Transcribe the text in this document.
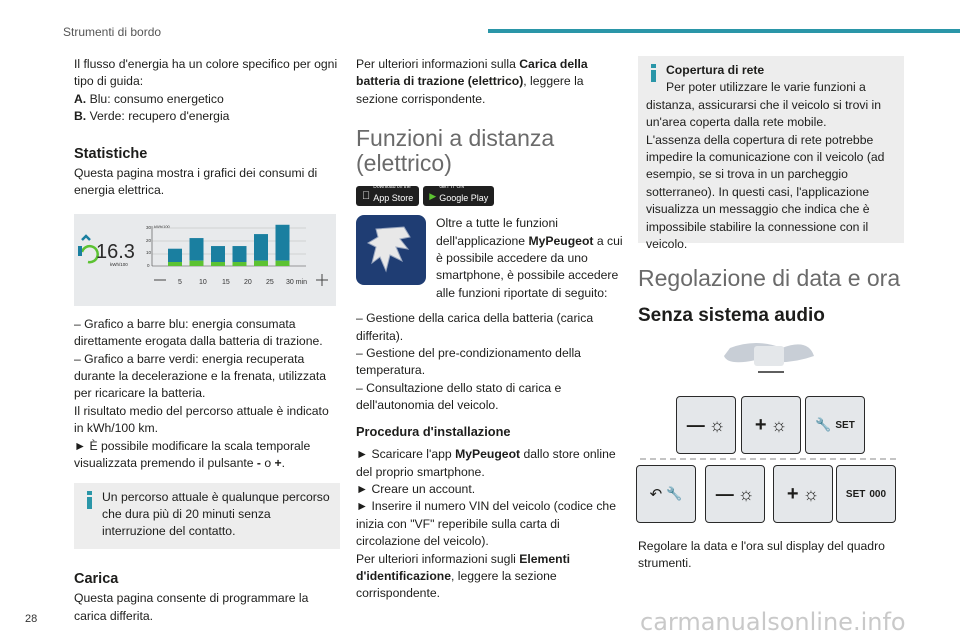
Strumenti di bordo

Il flusso d'energia ha un colore specifico per ogni tipo di guida:

A. Blu: consumo energetico

B. Verde: recupero d'energia

Statistiche

Questa pagina mostra i grafici dei consumi di energia elettrica.

16.3
kWh/100
kWh/100
30
20
10
0
5 10 15 20 25 30 min

– Grafico a barre blu: energia consumata direttamente erogata dalla batteria di trazione.

– Grafico a barre verdi: energia recuperata durante la decelerazione e la frenata, utilizzata per ricaricare la batteria.

Il risultato medio del percorso attuale è indicato in kWh/100 km.

► È possibile modificare la scala temporale visualizzata premendo il pulsante - o +.

Un percorso attuale è qualunque percorso che dura più di 20 minuti senza interruzione del contatto.

Carica

Questa pagina consente di programmare la carica differita.

Per ulteriori informazioni sulla Carica della batteria di trazione (elettrico), leggere la sezione corrispondente.

Funzioni a distanza
(elettrico)
Download on the
App Store ▶
GET IT ON
Google Play

Oltre a tutte le funzioni dell'applicazione MyPeugeot a cui è possibile accedere da uno smartphone, è possibile accedere alle funzioni riportate di seguito:

– Gestione della carica della batteria (carica differita).

– Gestione del pre-condizionamento della temperatura.

– Consultazione dello stato di carica e dell'autonomia del veicolo.

Procedura d'installazione

► Scaricare l'app MyPeugeot dallo store online del proprio smartphone.

► Creare un account.

► Inserire il numero VIN del veicolo (codice che inizia con "VF" reperibile sulla carta di circolazione del veicolo).

Per ulteriori informazioni sugli Elementi d'identificazione, leggere la sezione corrispondente.

Copertura di rete

Per poter utilizzare le varie funzioni a distanza, assicurarsi che il veicolo si trovi in un'area coperta dalla rete mobile.

L'assenza della copertura di rete potrebbe impedire la comunicazione con il veicolo (ad esempio, se si trova in un parcheggio sotterraneo). In questi casi, l'applicazione visualizza un messaggio che indica che è impossibile stabilire la connessione con il veicolo.

Regolazione di data e ora
Senza sistema audio
— ☼ + ☼ 🔧 SET
↶ 🔧 — ☼ + ☼	SET 000

Regolare la data e l'ora sul display del quadro strumenti.

28	carmanualsonline.info
